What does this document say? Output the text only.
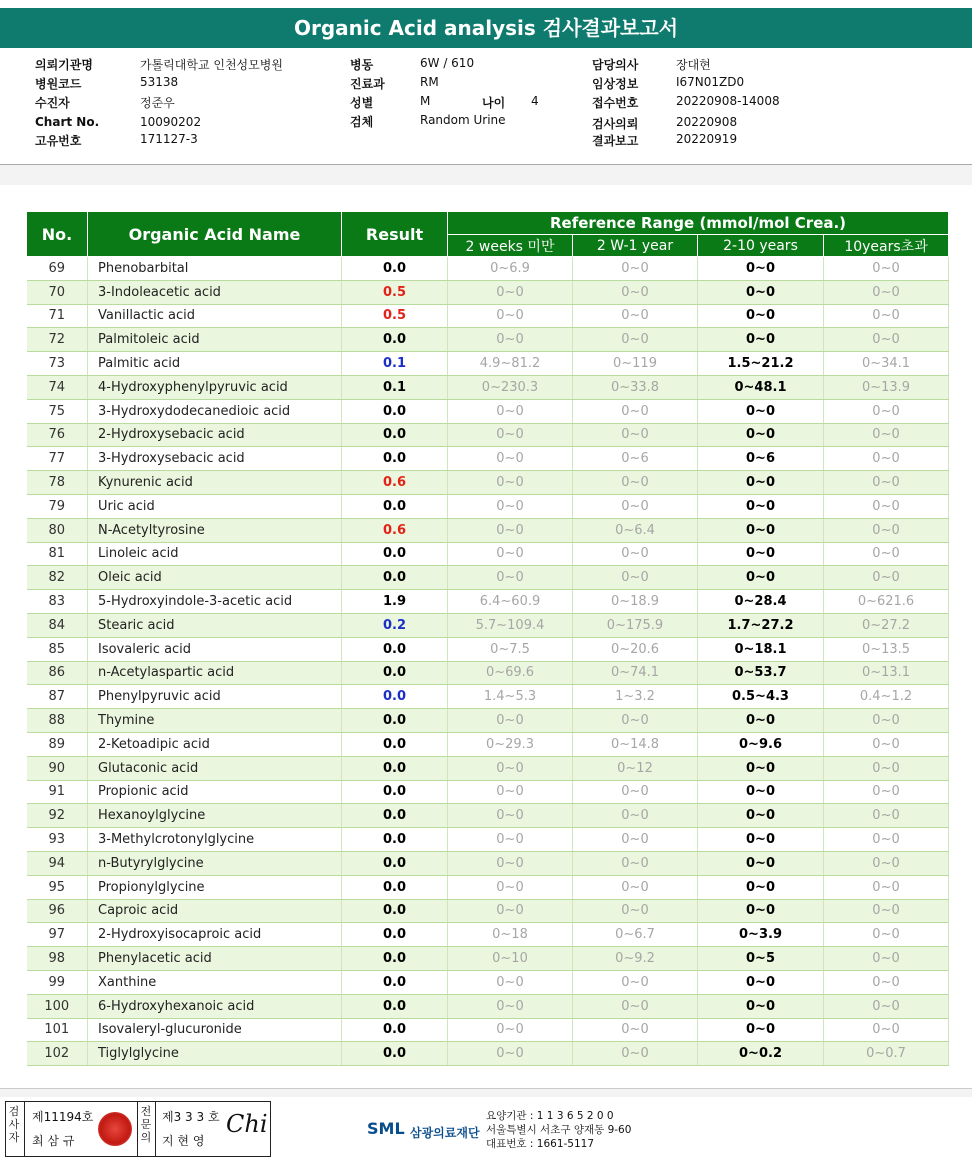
Organic Acid analysis 검사결과보고서
의뢰기관명	가톨릭대학교 인천성모병원
병원코드	53138
수진자	정준우
Chart No.	10090202
고유번호	171127-3
병동	6W / 610
진료과	RM
성별	M	나이 4
검체	Random Urine
담당의사	장대현
임상정보	I67N01ZD0
접수번호	20220908-14008
검사의뢰	20220908
결과보고	20220919
No.	Organic Acid Name	Result	Reference Range (mmol/mol Crea.)			
			2 weeks 미만	2 W-1 year	2-10 years	10years초과
69	Phenobarbital	0.0	0~6.9	0~0	0~0	0~0
70	3-Indoleacetic acid	0.5	0~0	0~0	0~0	0~0
71	Vanillactic acid	0.5	0~0	0~0	0~0	0~0
72	Palmitoleic acid	0.0	0~0	0~0	0~0	0~0
73	Palmitic acid	0.1	4.9~81.2	0~119	1.5~21.2	0~34.1
74	4-Hydroxyphenylpyruvic acid	0.1	0~230.3	0~33.8	0~48.1	0~13.9
75	3-Hydroxydodecanedioic acid	0.0	0~0	0~0	0~0	0~0
76	2-Hydroxysebacic acid	0.0	0~0	0~0	0~0	0~0
77	3-Hydroxysebacic acid	0.0	0~0	0~6	0~6	0~0
78	Kynurenic acid	0.6	0~0	0~0	0~0	0~0
79	Uric acid	0.0	0~0	0~0	0~0	0~0
80	N-Acetyltyrosine	0.6	0~0	0~6.4	0~0	0~0
81	Linoleic acid	0.0	0~0	0~0	0~0	0~0
82	Oleic acid	0.0	0~0	0~0	0~0	0~0
83	5-Hydroxyindole-3-acetic acid	1.9	6.4~60.9	0~18.9	0~28.4	0~621.6
84	Stearic acid	0.2	5.7~109.4	0~175.9	1.7~27.2	0~27.2
85	Isovaleric acid	0.0	0~7.5	0~20.6	0~18.1	0~13.5
86	n-Acetylaspartic acid	0.0	0~69.6	0~74.1	0~53.7	0~13.1
87	Phenylpyruvic acid	0.0	1.4~5.3	1~3.2	0.5~4.3	0.4~1.2
88	Thymine	0.0	0~0	0~0	0~0	0~0
89	2-Ketoadipic acid	0.0	0~29.3	0~14.8	0~9.6	0~0
90	Glutaconic acid	0.0	0~0	0~12	0~0	0~0
91	Propionic acid	0.0	0~0	0~0	0~0	0~0
92	Hexanoylglycine	0.0	0~0	0~0	0~0	0~0
93	3-Methylcrotonylglycine	0.0	0~0	0~0	0~0	0~0
94	n-Butyrylglycine	0.0	0~0	0~0	0~0	0~0
95	Propionylglycine	0.0	0~0	0~0	0~0	0~0
96	Caproic acid	0.0	0~0	0~0	0~0	0~0
97	2-Hydroxyisocaproic acid	0.0	0~18	0~6.7	0~3.9	0~0
98	Phenylacetic acid	0.0	0~10	0~9.2	0~5	0~0
99	Xanthine	0.0	0~0	0~0	0~0	0~0
100	6-Hydroxyhexanoic acid	0.0	0~0	0~0	0~0	0~0
101	Isovaleryl-glucuronide	0.0	0~0	0~0	0~0	0~0
102	Tiglylglycine	0.0	0~0	0~0	0~0.2	0~0.7
검사자
제11194호
최 삼 규
전문의
제3 3 3 호
지 현 영
Chi	SML 삼광의료재단
요양기관 : 1 1 3 6 5 2 0 0
서울특별시 서초구 양재동 9-60
대표번호 : 1661-5117
